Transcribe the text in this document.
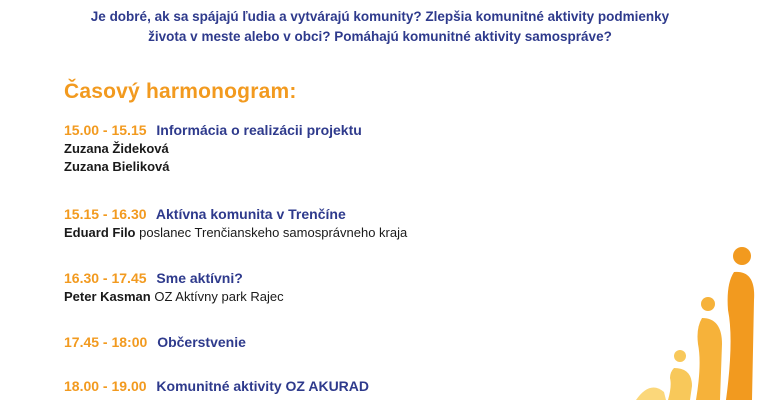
Je dobré, ak sa spájajú ľudia a vytvárajú komunity? Zlepšia komunitné aktivity podmienky

života v meste alebo v obci? Pomáhajú komunitné aktivity samospráve?

Časový harmonogram:
15.00 - 15.15 Informácia o realizácii projektu
Zuzana Žideková
Zuzana Bieliková
15.15 - 16.30 Aktívna komunita v Trenčíne
Eduard Filo poslanec Trenčianskeho samosprávneho kraja
16.30 - 17.45 Sme aktívni?
Peter Kasman OZ Aktívny park Rajec
17.45 - 18:00 Občerstvenie
18.00 - 19.00 Komunitné aktivity OZ AKURAD
